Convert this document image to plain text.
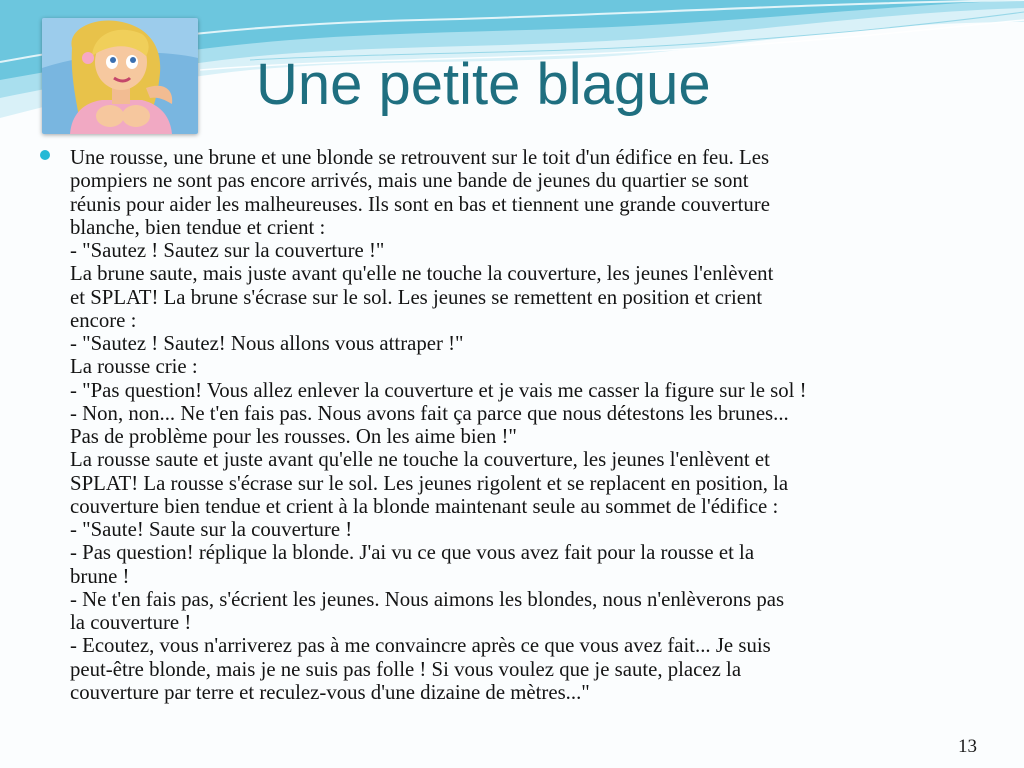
Une petite blague
Une rousse, une brune et une blonde se retrouvent sur le toit d'un édifice en feu. Les
pompiers ne sont pas encore arrivés, mais une bande de jeunes du quartier se sont
réunis pour aider les malheureuses. Ils sont en bas et tiennent une grande couverture
blanche, bien tendue et crient :
- "Sautez ! Sautez sur la couverture !"
La brune saute, mais juste avant qu'elle ne touche la couverture, les jeunes l'enlèvent
et SPLAT! La brune s'écrase sur le sol. Les jeunes se remettent en position et crient
encore :
- "Sautez ! Sautez! Nous allons vous attraper !"
La rousse crie :
- "Pas question! Vous allez enlever la couverture et je vais me casser la figure sur le sol !
- Non, non... Ne t'en fais pas. Nous avons fait ça parce que nous détestons les brunes...
Pas de problème pour les rousses. On les aime bien !"
La rousse saute et juste avant qu'elle ne touche la couverture, les jeunes l'enlèvent et
SPLAT! La rousse s'écrase sur le sol. Les jeunes rigolent et se replacent en position, la
couverture bien tendue et crient à la blonde maintenant seule au sommet de l'édifice :
- "Saute! Saute sur la couverture !
- Pas question! réplique la blonde. J'ai vu ce que vous avez fait pour la rousse et la
brune !
- Ne t'en fais pas, s'écrient les jeunes. Nous aimons les blondes, nous n'enlèverons pas
la couverture !
- Ecoutez, vous n'arriverez pas à me convaincre après ce que vous avez fait... Je suis
peut-être blonde, mais je ne suis pas folle ! Si vous voulez que je saute, placez la
couverture par terre et reculez-vous d'une dizaine de mètres..."
13
